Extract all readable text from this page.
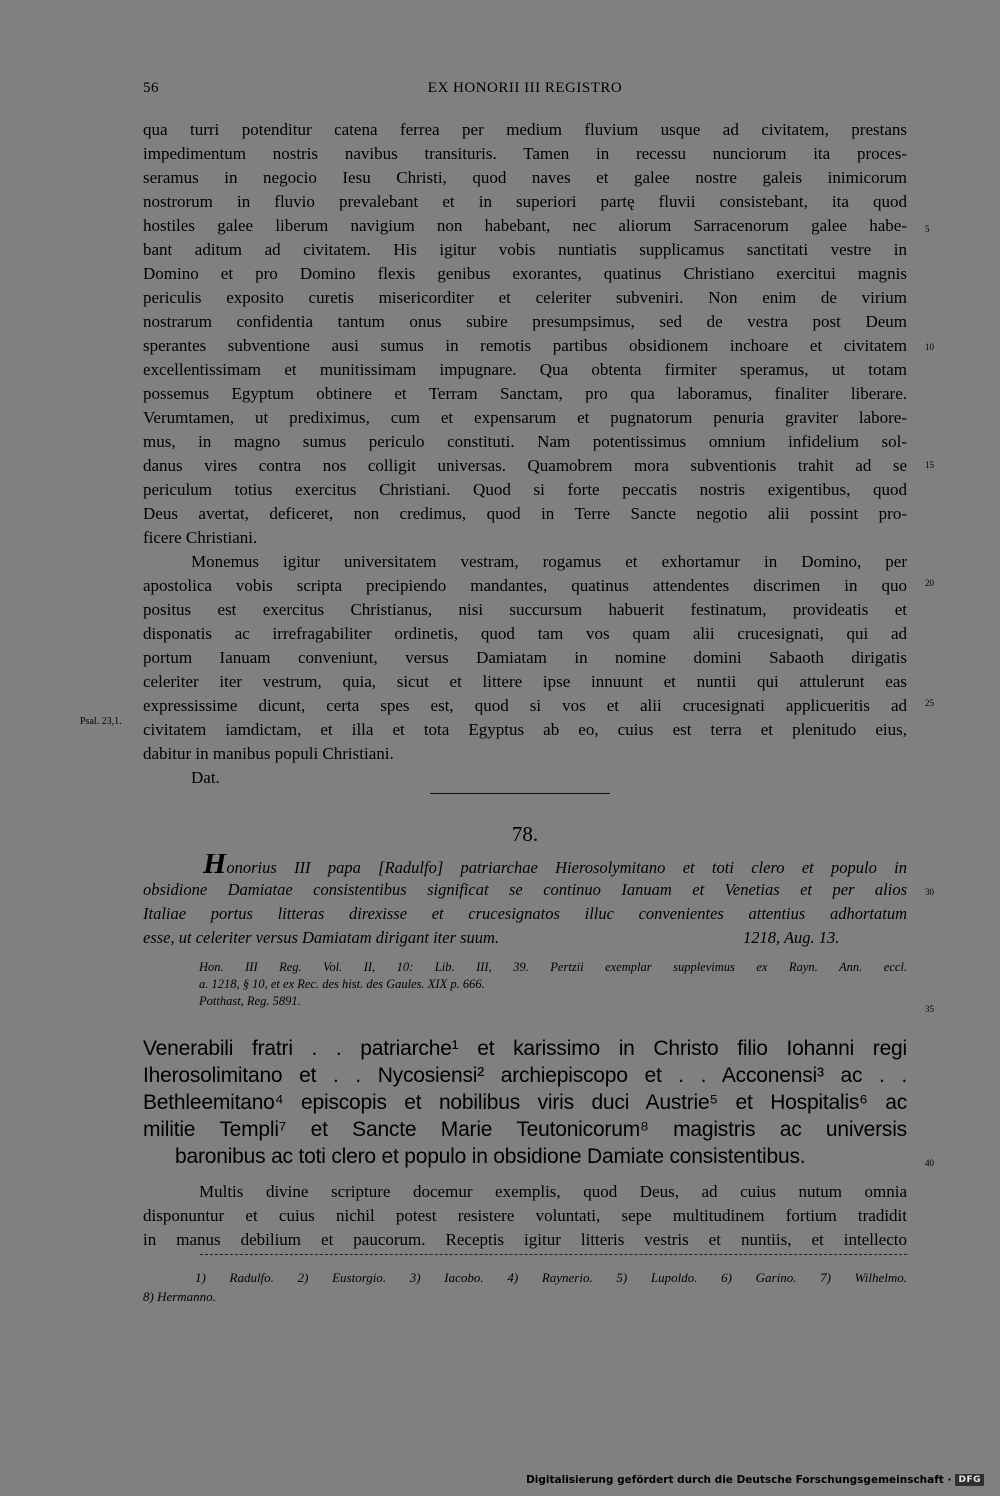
56	EX HONORII III REGISTRO
qua turri potenditur catena ferrea per medium fluvium usque ad civitatem, prestans
impedimentum nostris navibus transituris. Tamen in recessu nunciorum ita proces-
seramus in negocio Iesu Christi, quod naves et galee nostre galeis inimicorum
nostrorum in fluvio prevalebant et in superiori partę fluvii consistebant, ita quod
hostiles galee liberum navigium non habebant, nec aliorum Sarracenorum galee habe-
bant aditum ad civitatem. His igitur vobis nuntiatis supplicamus sanctitati vestre in
Domino et pro Domino flexis genibus exorantes, quatinus Christiano exercitui magnis
periculis exposito curetis misericorditer et celeriter subveniri. Non enim de virium
nostrarum confidentia tantum onus subire presumpsimus, sed de vestra post Deum
sperantes subventione ausi sumus in remotis partibus obsidionem inchoare et civitatem
excellentissimam et munitissimam impugnare. Qua obtenta firmiter speramus, ut totam
possemus Egyptum obtinere et Terram Sanctam, pro qua laboramus, finaliter liberare.
Verumtamen, ut prediximus, cum et expensarum et pugnatorum penuria graviter labore-
mus, in magno sumus periculo constituti. Nam potentissimus omnium infidelium sol-
danus vires contra nos colligit universas. Quamobrem mora subventionis trahit ad se
periculum totius exercitus Christiani. Quod si forte peccatis nostris exigentibus, quod
Deus avertat, deficeret, non credimus, quod in Terre Sancte negotio alii possint pro-
ficere Christiani.
Monemus igitur universitatem vestram, rogamus et exhortamur in Domino, per
apostolica vobis scripta precipiendo mandantes, quatinus attendentes discrimen in quo
positus est exercitus Christianus, nisi succursum habuerit festinatum, provideatis et
disponatis ac irrefragabiliter ordinetis, quod tam vos quam alii crucesignati, qui ad
portum Ianuam conveniunt, versus Damiatam in nomine domini Sabaoth dirigatis
celeriter iter vestrum, quia, sicut et littere ipse innuunt et nuntii qui attulerunt eas
expressissime dicunt, certa spes est, quod si vos et alii crucesignati applicueritis ad
civitatem iamdictam, et illa et tota Egyptus ab eo, cuius est terra et plenitudo eius,
dabitur in manibus populi Christiani.
Dat.
5
10
15
20
25
30
35
40
Psal. 23,1.
78.
Honorius III papa [Radulfo] patriarchae Hierosolymitano et toti clero et populo in
obsidione Damiatae consistentibus significat se continuo Ianuam et Venetias et per alios
Italiae portus litteras direxisse et crucesignatos illuc convenientes attentius adhortatum
esse, ut celeriter versus Damiatam dirigant iter suum.	1218, Aug. 13.
Hon. III Reg. Vol. II, 10: Lib. III, 39. Pertzii exemplar supplevimus ex Rayn. Ann. eccl.
a. 1218, § 10, et ex Rec. des hist. des Gaules. XIX p. 666.
Potthast, Reg. 5891.
Venerabili fratri . . patriarche¹ et karissimo in Christo filio Iohanni regi
Iherosolimitano et . . Nycosiensi² archiepiscopo et . . Acconensi³ ac . .
Bethleemitano⁴ episcopis et nobilibus viris duci Austrie⁵ et Hospitalis⁶ ac
militie Templi⁷ et Sancte Marie Teutonicorum⁸ magistris ac universis
baronibus ac toti clero et populo in obsidione Damiate consistentibus.
Multis divine scripture docemur exemplis, quod Deus, ad cuius nutum omnia
disponuntur et cuius nichil potest resistere voluntati, sepe multitudinem fortium tradidit
in manus debilium et paucorum. Receptis igitur litteris vestris et nuntiis, et intellecto
1) Radulfo. 2) Eustorgio. 3) Iacobo. 4) Raynerio. 5) Lupoldo. 6) Garino. 7) Wilhelmo.
8) Hermanno.
Digitalisierung gefördert durch die Deutsche Forschungsgemeinschaft · DFG
